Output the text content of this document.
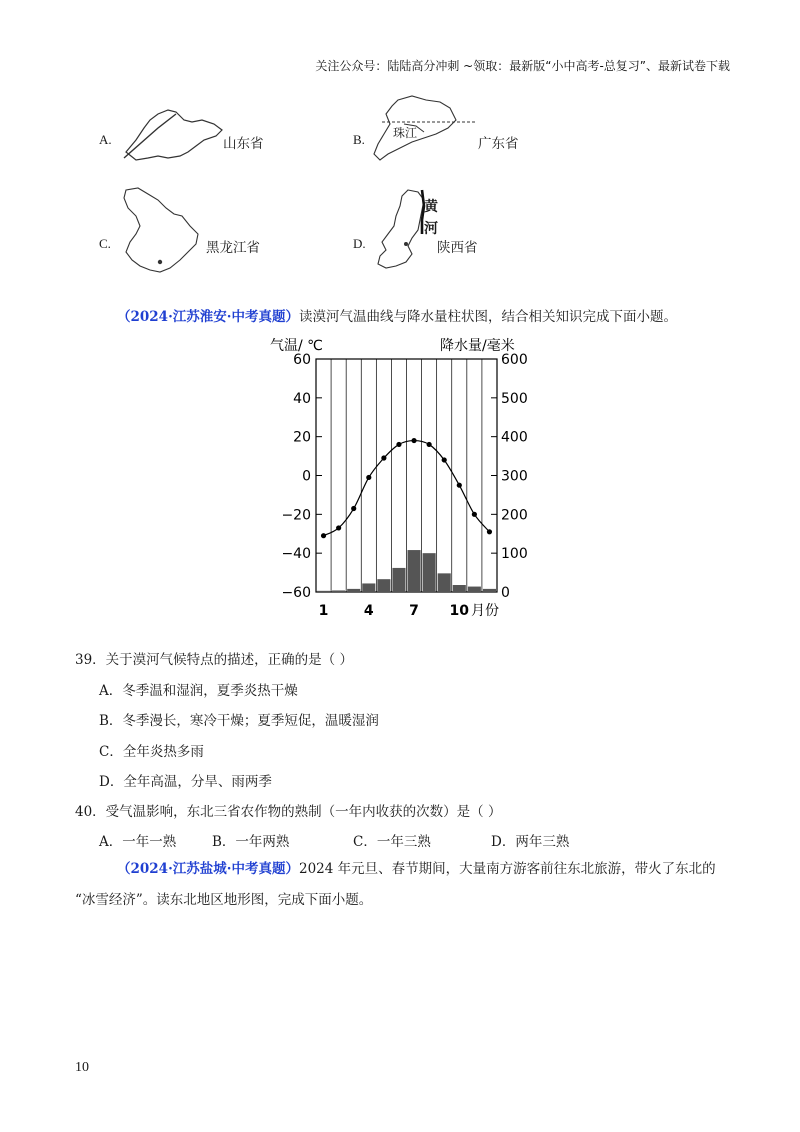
关注公众号：陆陆高分冲刺 ~领取：最新版“小中高考-总复习”、最新试卷下载
A.	山东省	B. 珠江
广东省
C.	黑龙江省	D.
黄
河
陕西省
（2024·江苏淮安·中考真题）读漠河气温曲线与降水量柱状图，结合相关知识完成下面小题。
气温/ ℃	降水量/毫米
60
40
20
0
−20
−40
−60
600
500
400
300
200
100
0
1	4	7 10 月份
39．关于漠河气候特点的描述，正确的是（ ）
A．冬季温和湿润，夏季炎热干燥
B．冬季漫长，寒冷干燥；夏季短促，温暖湿润
C．全年炎热多雨
D．全年高温，分旱、雨两季
40．受气温影响，东北三省农作物的熟制（一年内收获的次数）是（ ）
A．一年一熟	B．一年两熟	C．一年三熟	D．两年三熟
（2024·江苏盐城·中考真题）2024 年元旦、春节期间，大量南方游客前往东北旅游，带火了东北的
“冰雪经济”。读东北地区地形图，完成下面小题。
10
